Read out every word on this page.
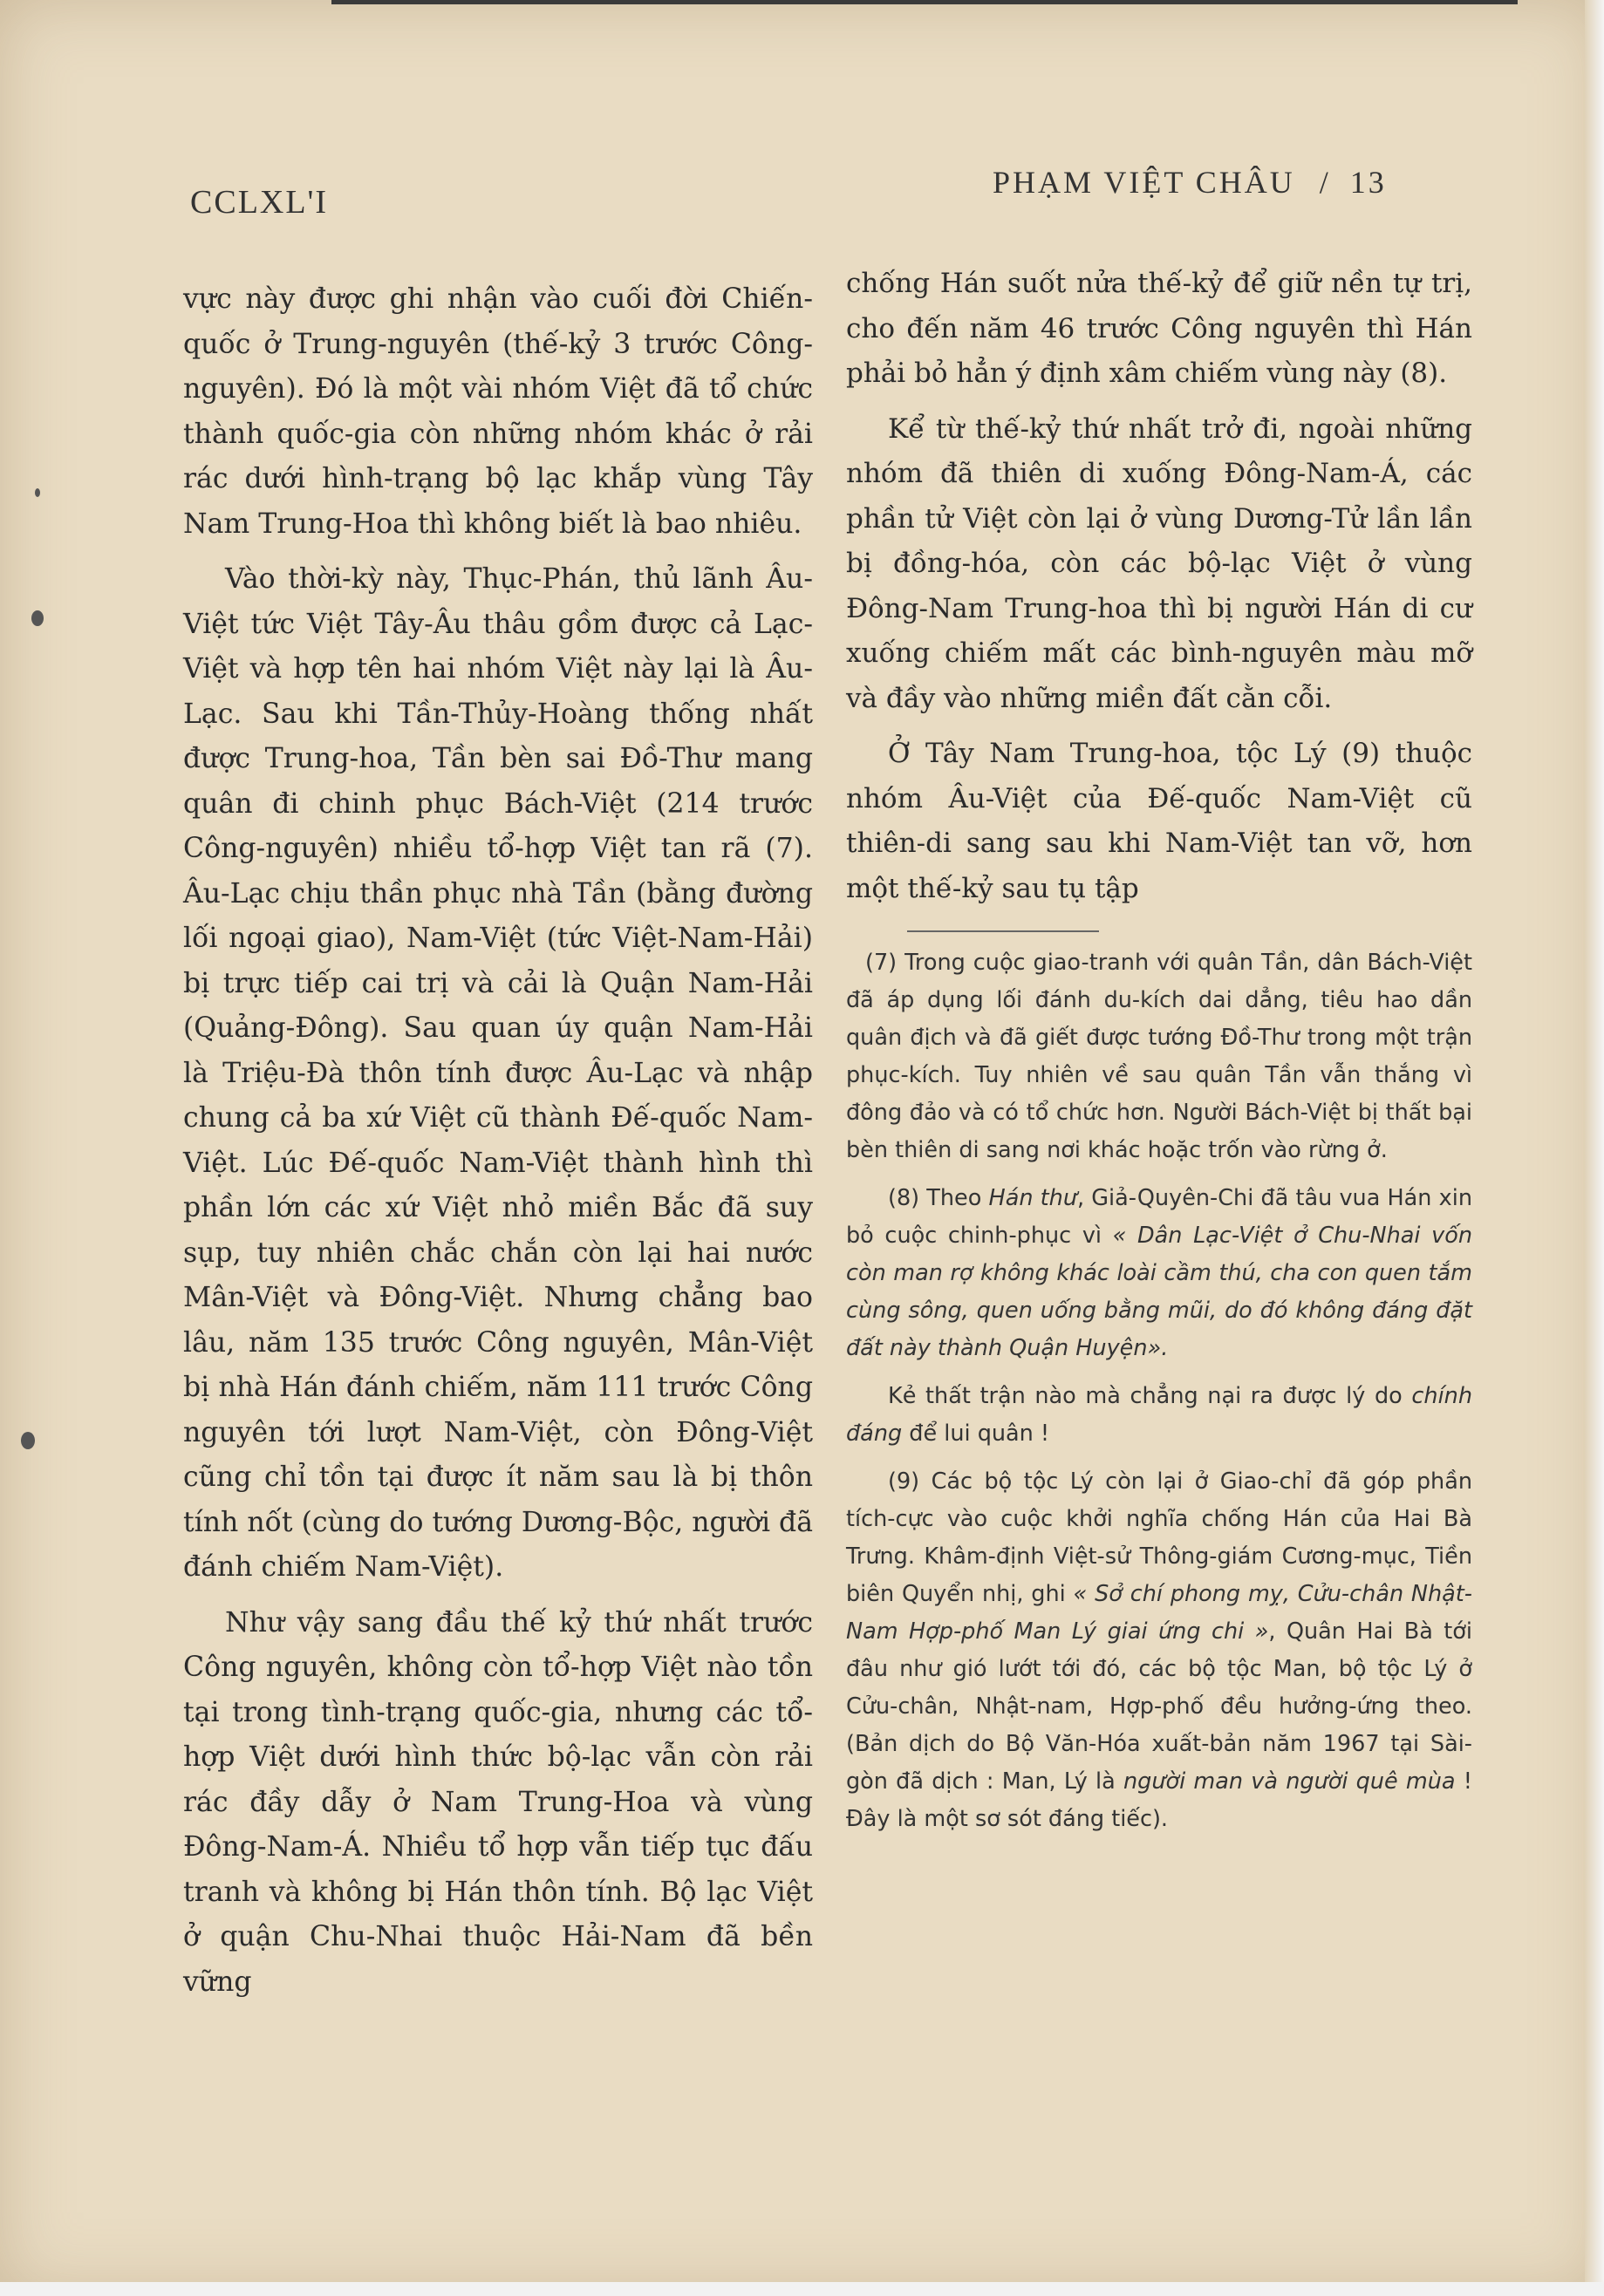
CCLXL'I
PHẠM VIỆT CHÂU / 13

vực này được ghi nhận vào cuối đời Chiến-quốc ở Trung-nguyên (thế-kỷ 3 trước Công-nguyên). Đó là một vài nhóm Việt đã tổ chức thành quốc-gia còn những nhóm khác ở rải rác dưới hình-trạng bộ lạc khắp vùng Tây Nam Trung-Hoa thì không biết là bao nhiêu.

Vào thời-kỳ này, Thục-Phán, thủ lãnh Âu-Việt tức Việt Tây-Âu thâu gồm được cả Lạc-Việt và hợp tên hai nhóm Việt này lại là Âu-Lạc. Sau khi Tần-Thủy-Hoàng thống nhất được Trung-hoa, Tần bèn sai Đồ-Thư mang quân đi chinh phục Bách-Việt (214 trước Công-nguyên) nhiều tổ-hợp Việt tan rã (7). Âu-Lạc chịu thần phục nhà Tần (bằng đường lối ngoại giao), Nam-Việt (tức Việt-Nam-Hải) bị trực tiếp cai trị và cải là Quận Nam-Hải (Quảng-Đông). Sau quan úy quận Nam-Hải là Triệu-Đà thôn tính được Âu-Lạc và nhập chung cả ba xứ Việt cũ thành Đế-quốc Nam-Việt. Lúc Đế-quốc Nam-Việt thành hình thì phần lớn các xứ Việt nhỏ miền Bắc đã suy sụp, tuy nhiên chắc chắn còn lại hai nước Mân-Việt và Đông-Việt. Nhưng chẳng bao lâu, năm 135 trước Công nguyên, Mân-Việt bị nhà Hán đánh chiếm, năm 111 trước Công nguyên tới lượt Nam-Việt, còn Đông-Việt cũng chỉ tồn tại được ít năm sau là bị thôn tính nốt (cùng do tướng Dương-Bộc, người đã đánh chiếm Nam-Việt).

Như vậy sang đầu thế kỷ thứ nhất trước Công nguyên, không còn tổ-hợp Việt nào tồn tại trong tình-trạng quốc-gia, nhưng các tổ-hợp Việt dưới hình thức bộ-lạc vẫn còn rải rác đầy dẫy ở Nam Trung-Hoa và vùng Đông-Nam-Á. Nhiều tổ hợp vẫn tiếp tục đấu tranh và không bị Hán thôn tính. Bộ lạc Việt ở quận Chu-Nhai thuộc Hải-Nam đã bền vững

chống Hán suốt nửa thế-kỷ để giữ nền tự trị, cho đến năm 46 trước Công nguyên thì Hán phải bỏ hẳn ý định xâm chiếm vùng này (8).

Kể từ thế-kỷ thứ nhất trở đi, ngoài những nhóm đã thiên di xuống Đông-Nam-Á, các phần tử Việt còn lại ở vùng Dương-Tử lần lần bị đồng-hóa, còn các bộ-lạc Việt ở vùng Đông-Nam Trung-hoa thì bị người Hán di cư xuống chiếm mất các bình-nguyên màu mỡ và đầy vào những miền đất cằn cỗi.

Ở Tây Nam Trung-hoa, tộc Lý (9) thuộc nhóm Âu-Việt của Đế-quốc Nam-Việt cũ thiên-di sang sau khi Nam-Việt tan vỡ, hơn một thế-kỷ sau tụ tập

(7) Trong cuộc giao-tranh với quân Tần, dân Bách-Việt đã áp dụng lối đánh du-kích dai dẳng, tiêu hao dần quân địch và đã giết được tướng Đồ-Thư trong một trận phục-kích. Tuy nhiên về sau quân Tần vẫn thắng vì đông đảo và có tổ chức hơn. Người Bách-Việt bị thất bại bèn thiên di sang nơi khác hoặc trốn vào rừng ở.

(8) Theo Hán thư, Giả-Quyên-Chi đã tâu vua Hán xin bỏ cuộc chinh-phục vì « Dân Lạc-Việt ở Chu-Nhai vốn còn man rợ không khác loài cầm thú, cha con quen tắm cùng sông, quen uống bằng mũi, do đó không đáng đặt đất này thành Quận Huyện».

Kẻ thất trận nào mà chẳng nại ra được lý do chính đáng để lui quân !

(9) Các bộ tộc Lý còn lại ở Giao-chỉ đã góp phần tích-cực vào cuộc khởi nghĩa chống Hán của Hai Bà Trưng. Khâm-định Việt-sử Thông-giám Cương-mục, Tiền biên Quyển nhị, ghi « Sở chí phong mỵ, Cửu-chân Nhật-Nam Hợp-phố Man Lý giai ứng chi », Quân Hai Bà tới đâu như gió lướt tới đó, các bộ tộc Man, bộ tộc Lý ở Cửu-chân, Nhật-nam, Hợp-phố đều hưởng-ứng theo. (Bản dịch do Bộ Văn-Hóa xuất-bản năm 1967 tại Sài-gòn đã dịch : Man, Lý là người man và người quê mùa ! Đây là một sơ sót đáng tiếc).
